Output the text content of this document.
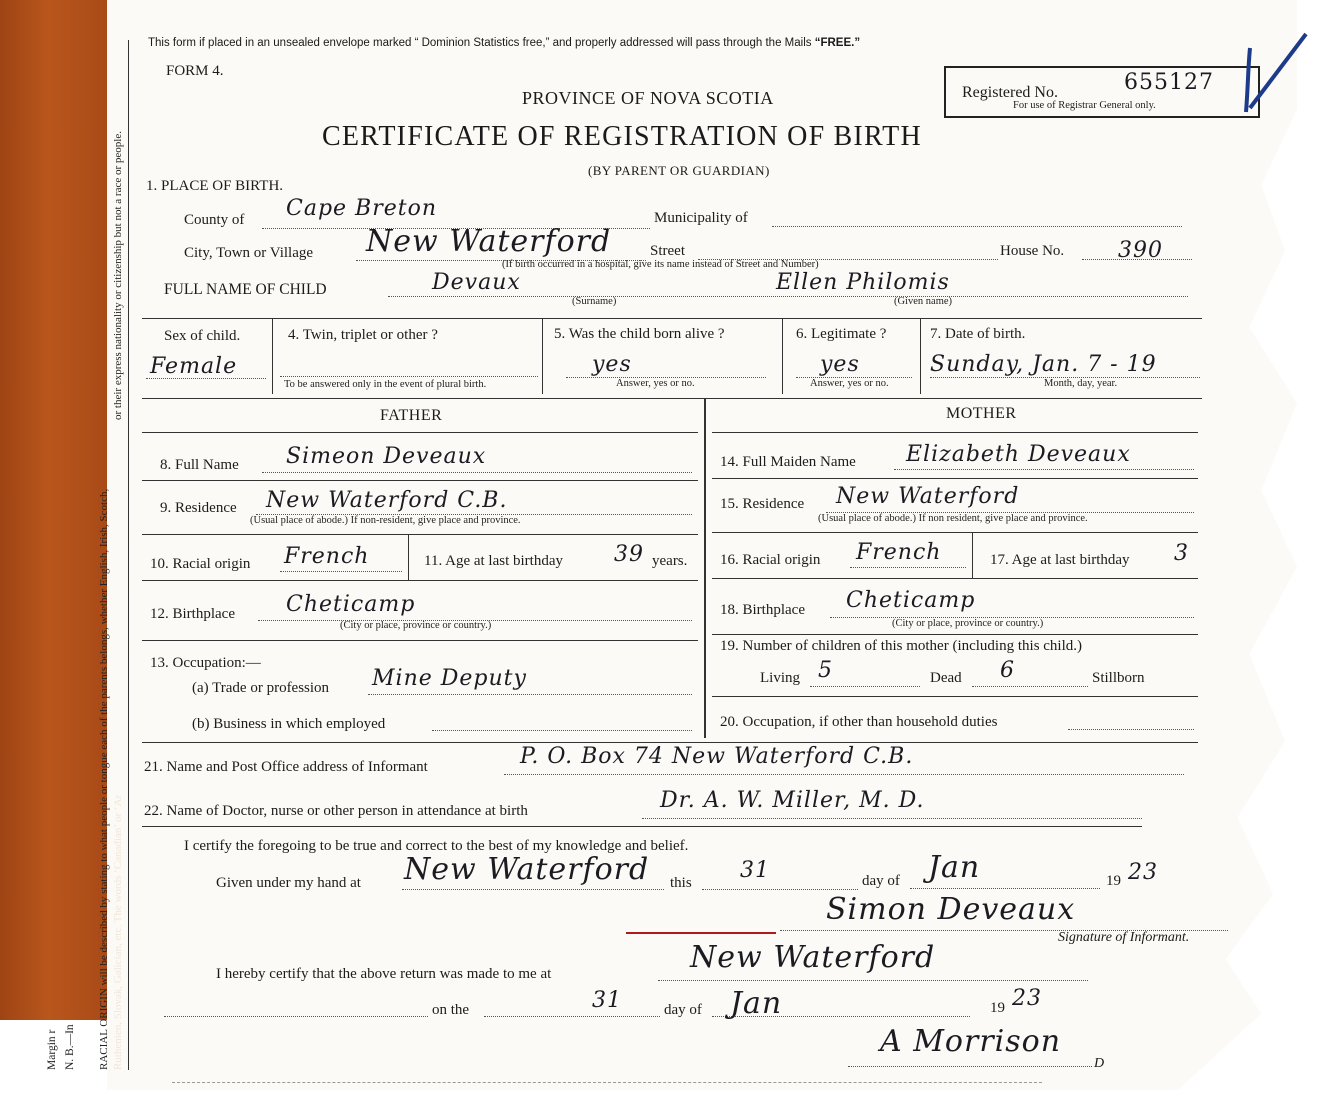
Margin r N. B.—In RACIAL ORIGIN will be described by stating to what people or tongue each of the parents belongs, whether English, Irish, Scotch, Ruthenien, Slovak, Galician, etc. The words ‘Canadian’ or ‘Ar
or their express nationality or citizenship but not a race or people.
This form if placed in an unsealed envelope marked “ Dominion Statistics free,” and properly addressed will pass through the Mails “FREE.”
FORM 4.
PROVINCE OF NOVA SCOTIA
CERTIFICATE OF REGISTRATION OF BIRTH
(BY PARENT OR GUARDIAN)
Registered No.	655127
For use of Registrar General only.
1. PLACE OF BIRTH.
County of Cape Breton	Municipality of
City, Town or Village New Waterford	Street
(If birth occurred in a hospital, give its name instead of Street and Number)
House No. 390
FULL NAME OF CHILD	Devaux
(Surname)
Ellen Philomis
(Given name)
Sex of child.
Female
4. Twin, triplet or other ?
To be answered only in the event of plural birth.
5. Was the child born alive ?
yes
Answer, yes or no.
6. Legitimate ?
yes
Answer, yes or no.
7. Date of birth.
Sunday, Jan. 7 - 19
Month, day, year.
FATHER	MOTHER
8. Full Name Simeon Deveaux
9. Residence New Waterford C.B.
(Usual place of abode.) If non-resident, give place and province.
10. Racial origin French	11. Age at last birthday 39 years.
12. Birthplace Cheticamp
(City or place, province or country.)
13. Occupation:—
(a) Trade or profession Mine Deputy
(b) Business in which employed
14. Full Maiden Name Elizabeth Deveaux
15. Residence New Waterford
(Usual place of abode.) If non resident, give place and province.
16. Racial origin French	17. Age at last birthday 3
18. Birthplace Cheticamp
(City or place, province or country.)
19. Number of children of this mother (including this child.)
Living 5	Dead 6	Stillborn
20. Occupation, if other than household duties
21. Name and Post Office address of Informant	P. O. Box 74 New Waterford C.B.
22. Name of Doctor, nurse or other person in attendance at birth	Dr. A. W. Miller, M. D.
I certify the foregoing to be true and correct to the best of my knowledge and belief.
Given under my hand at New Waterford this 31	day of Jan	19 23
Simon Deveaux
Signature of Informant.
I hereby certify that the above return was made to me at	New Waterford
on the	31	day of Jan	19 23
A Morrison
D
